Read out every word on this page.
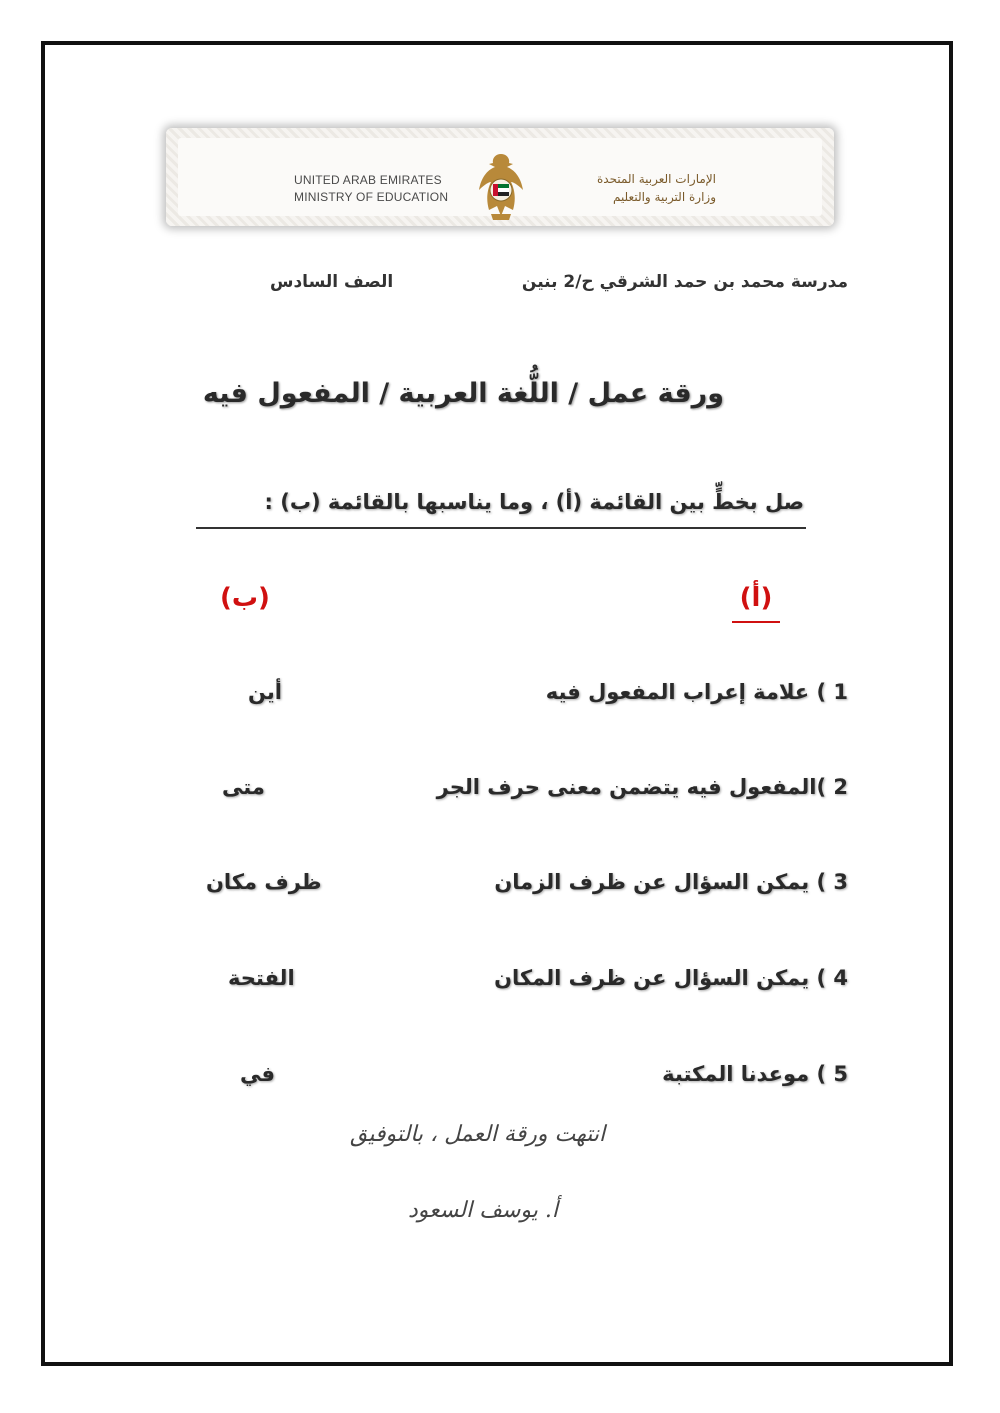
UNITED ARAB EMIRATES
MINISTRY OF EDUCATION
الإمارات العربية المتحدة
وزارة التربية والتعليم
مدرسة محمد بن حمد الشرقي ح/2 بنين
الصف السادس
ورقة عمل / اللُّغة العربية / المفعول فيه
صل بخطٍّ بين القائمة (أ) ، وما يناسبها بالقائمة (ب) :
(أ)
(ب)
1 ) علامة إعراب المفعول فيه
أين
2 )المفعول فيه يتضمن معنى حرف الجر
متى
3 ) يمكن السؤال عن ظرف الزمان
ظرف مكان
4 ) يمكن السؤال عن ظرف المكان
الفتحة
5 ) موعدنا المكتبة
في
انتهت ورقة العمل ، بالتوفيق
أ. يوسف السعود
